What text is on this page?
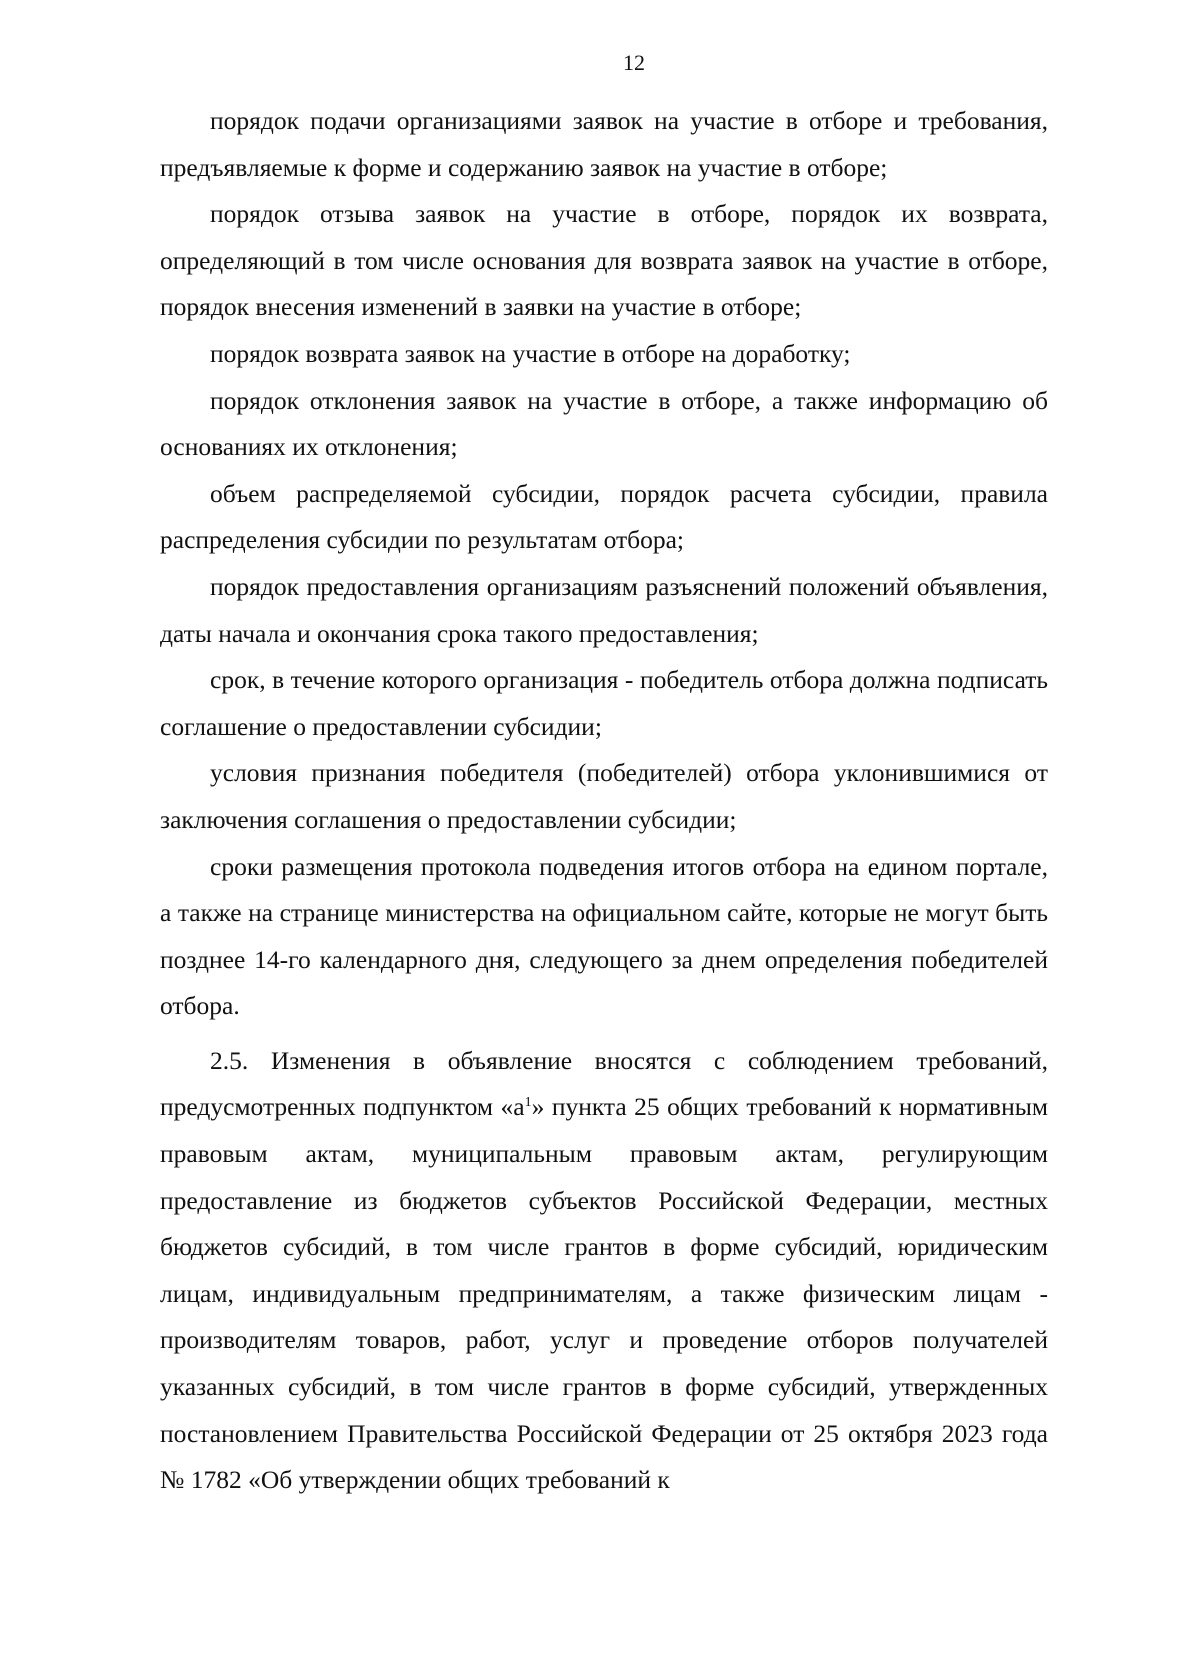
12

порядок подачи организациями заявок на участие в отборе и требования, предъявляемые к форме и содержанию заявок на участие в отборе;

порядок отзыва заявок на участие в отборе, порядок их возврата, определяющий в том числе основания для возврата заявок на участие в отборе, порядок внесения изменений в заявки на участие в отборе;

порядок возврата заявок на участие в отборе на доработку;

порядок отклонения заявок на участие в отборе, а также информацию об основаниях их отклонения;

объем распределяемой субсидии, порядок расчета субсидии, правила распределения субсидии по результатам отбора;

порядок предоставления организациям разъяснений положений объявления, даты начала и окончания срока такого предоставления;

срок, в течение которого организация - победитель отбора должна подписать соглашение о предоставлении субсидии;

условия признания победителя (победителей) отбора уклонившимися от заключения соглашения о предоставлении субсидии;

сроки размещения протокола подведения итогов отбора на едином портале, а также на странице министерства на официальном сайте, которые не могут быть позднее 14-го календарного дня, следующего за днем определения победителей отбора.

2.5. Изменения в объявление вносятся с соблюдением требований, предусмотренных подпунктом «$а^1$» пункта 25 общих требований к нормативным правовым актам, муниципальным правовым актам, регулирующим предоставление из бюджетов субъектов Российской Федерации, местных бюджетов субсидий, в том числе грантов в форме субсидий, юридическим лицам, индивидуальным предпринимателям, а также физическим лицам - производителям товаров, работ, услуг и проведение отборов получателей указанных субсидий, в том числе грантов в форме субсидий, утвержденных постановлением Правительства Российской Федерации от 25 октября 2023 года № 1782 «Об утверждении общих требований к
